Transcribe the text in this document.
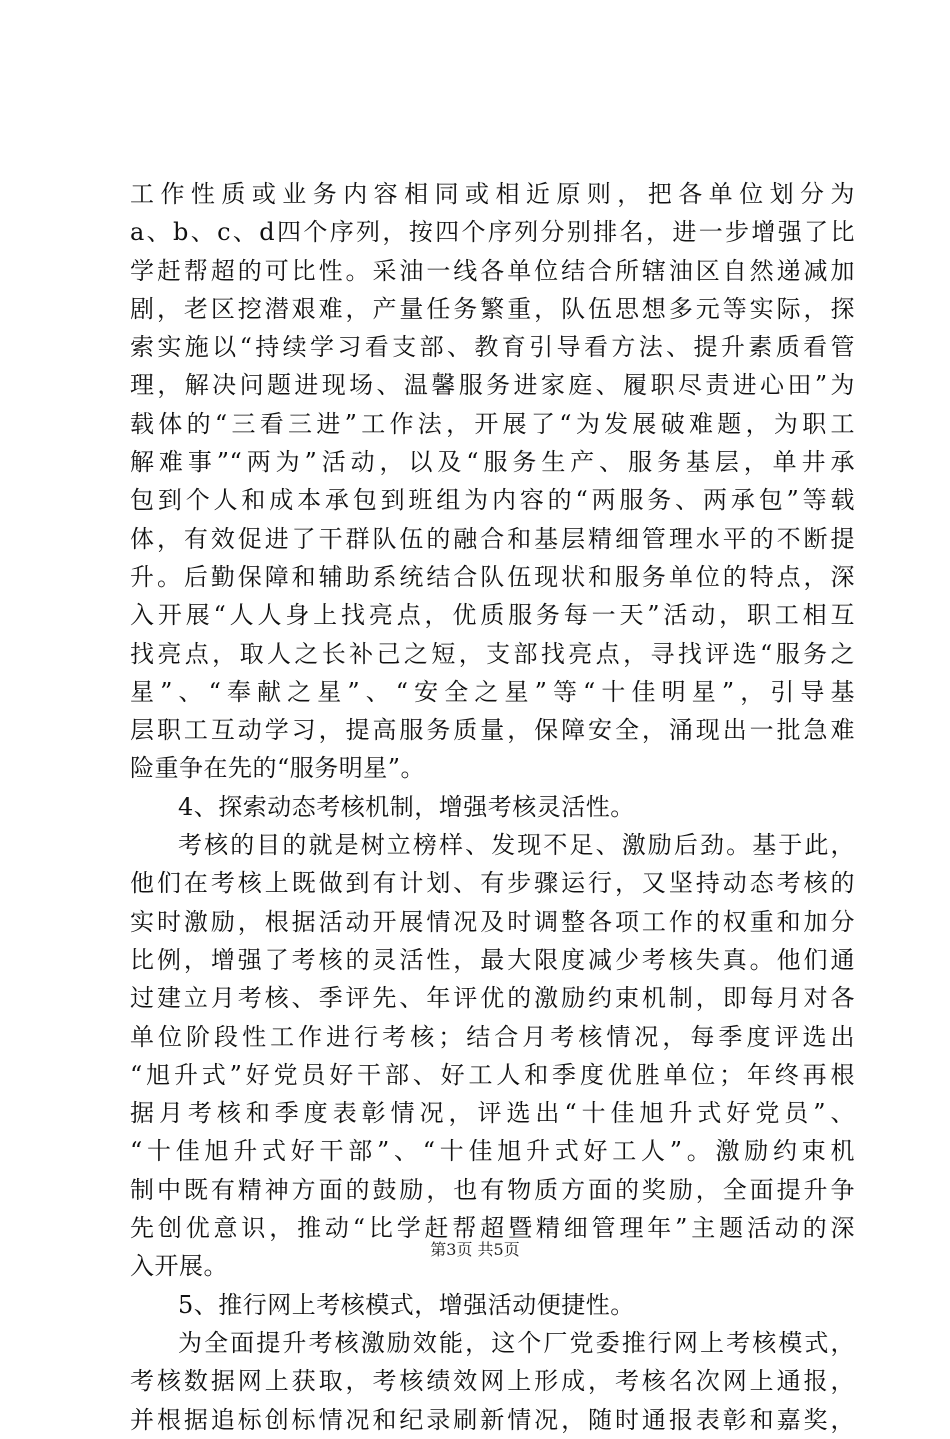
工作性质或业务内容相同或相近原则，把各单位划分为
a、b、c、d四个序列，按四个序列分别排名，进一步增强了比
学赶帮超的可比性。采油一线各单位结合所辖油区自然递减加
剧，老区挖潜艰难，产量任务繁重，队伍思想多元等实际，探
索实施以“持续学习看支部、教育引导看方法、提升素质看管
理，解决问题进现场、温馨服务进家庭、履职尽责进心田”为
载体的“三看三进”工作法，开展了“为发展破难题，为职工
解难事”“两为”活动，以及“服务生产、服务基层，单井承
包到个人和成本承包到班组为内容的“两服务、两承包”等载
体，有效促进了干群队伍的融合和基层精细管理水平的不断提
升。后勤保障和辅助系统结合队伍现状和服务单位的特点，深
入开展“人人身上找亮点，优质服务每一天”活动，职工相互
找亮点，取人之长补己之短，支部找亮点，寻找评选“服务之
星”、“奉献之星”、“安全之星”等“十佳明星”，引导基
层职工互动学习，提高服务质量，保障安全，涌现出一批急难
险重争在先的“服务明星”。
4、探索动态考核机制，增强考核灵活性。
考核的目的就是树立榜样、发现不足、激励后劲。基于此，
他们在考核上既做到有计划、有步骤运行，又坚持动态考核的
实时激励，根据活动开展情况及时调整各项工作的权重和加分
比例，增强了考核的灵活性，最大限度减少考核失真。他们通
过建立月考核、季评先、年评优的激励约束机制，即每月对各
单位阶段性工作进行考核；结合月考核情况，每季度评选出
“旭升式”好党员好干部、好工人和季度优胜单位；年终再根
据月考核和季度表彰情况，评选出“十佳旭升式好党员”、
“十佳旭升式好干部”、“十佳旭升式好工人”。激励约束机
制中既有精神方面的鼓励，也有物质方面的奖励，全面提升争
先创优意识，推动“比学赶帮超暨精细管理年”主题活动的深
入开展。
5、推行网上考核模式，增强活动便捷性。
为全面提升考核激励效能，这个厂党委推行网上考核模式，
考核数据网上获取，考核绩效网上形成，考核名次网上通报，
并根据追标创标情况和纪录刷新情况，随时通报表彰和嘉奖，
第3页 共5页
